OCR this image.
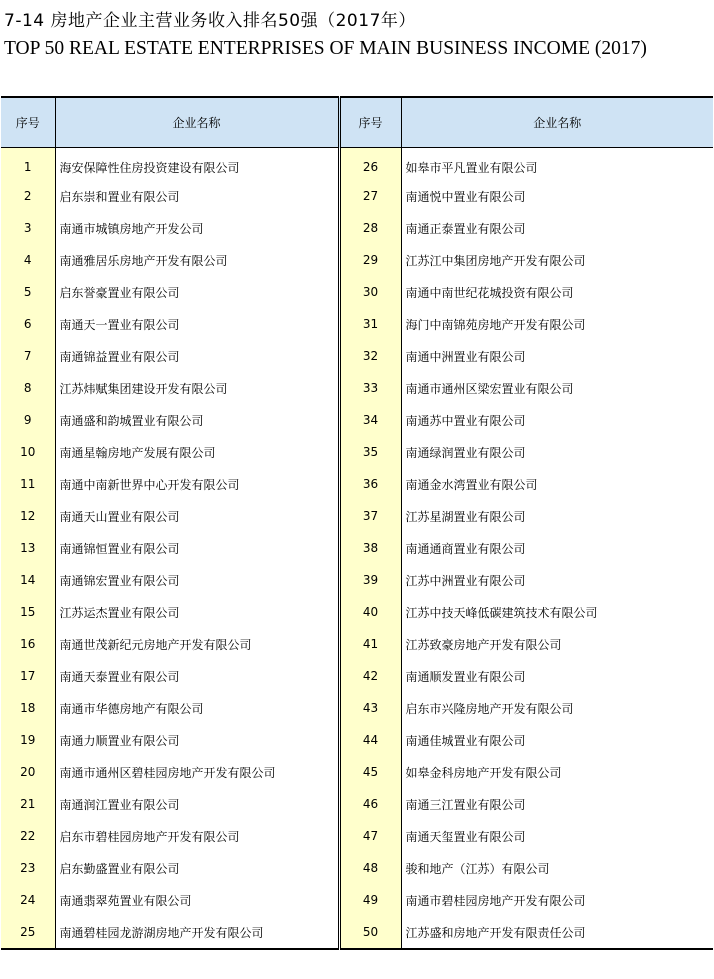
7-14 房地产企业主营业务收入排名50强（2017年）
TOP 50 REAL ESTATE ENTERPRISES OF MAIN BUSINESS INCOME (2017)
序号	企业名称	序号	企业名称
1	海安保障性住房投资建设有限公司	26	如皋市平凡置业有限公司
2	启东崇和置业有限公司	27	南通悦中置业有限公司
3	南通市城镇房地产开发公司	28	南通正泰置业有限公司
4	南通雅居乐房地产开发有限公司	29	江苏江中集团房地产开发有限公司
5	启东誉豪置业有限公司	30	南通中南世纪花城投资有限公司
6	南通天一置业有限公司	31	海门中南锦苑房地产开发有限公司
7	南通锦益置业有限公司	32	南通中洲置业有限公司
8	江苏炜赋集团建设开发有限公司	33	南通市通州区梁宏置业有限公司
9	南通盛和韵城置业有限公司	34	南通苏中置业有限公司
10	南通星翰房地产发展有限公司	35	南通绿润置业有限公司
11	南通中南新世界中心开发有限公司	36	南通金水湾置业有限公司
12	南通天山置业有限公司	37	江苏星湖置业有限公司
13	南通锦恒置业有限公司	38	南通通商置业有限公司
14	南通锦宏置业有限公司	39	江苏中洲置业有限公司
15	江苏运杰置业有限公司	40	江苏中技天峰低碳建筑技术有限公司
16	南通世茂新纪元房地产开发有限公司	41	江苏致豪房地产开发有限公司
17	南通天泰置业有限公司	42	南通顺发置业有限公司
18	南通市华德房地产有限公司	43	启东市兴隆房地产开发有限公司
19	南通力顺置业有限公司	44	南通佳城置业有限公司
20	南通市通州区碧桂园房地产开发有限公司	45	如皋金科房地产开发有限公司
21	南通润江置业有限公司	46	南通三江置业有限公司
22	启东市碧桂园房地产开发有限公司	47	南通天玺置业有限公司
23	启东勤盛置业有限公司	48	骏和地产（江苏）有限公司
24	南通翡翠苑置业有限公司	49	南通市碧桂园房地产开发有限公司
25	南通碧桂园龙游湖房地产开发有限公司	50	江苏盛和房地产开发有限责任公司
